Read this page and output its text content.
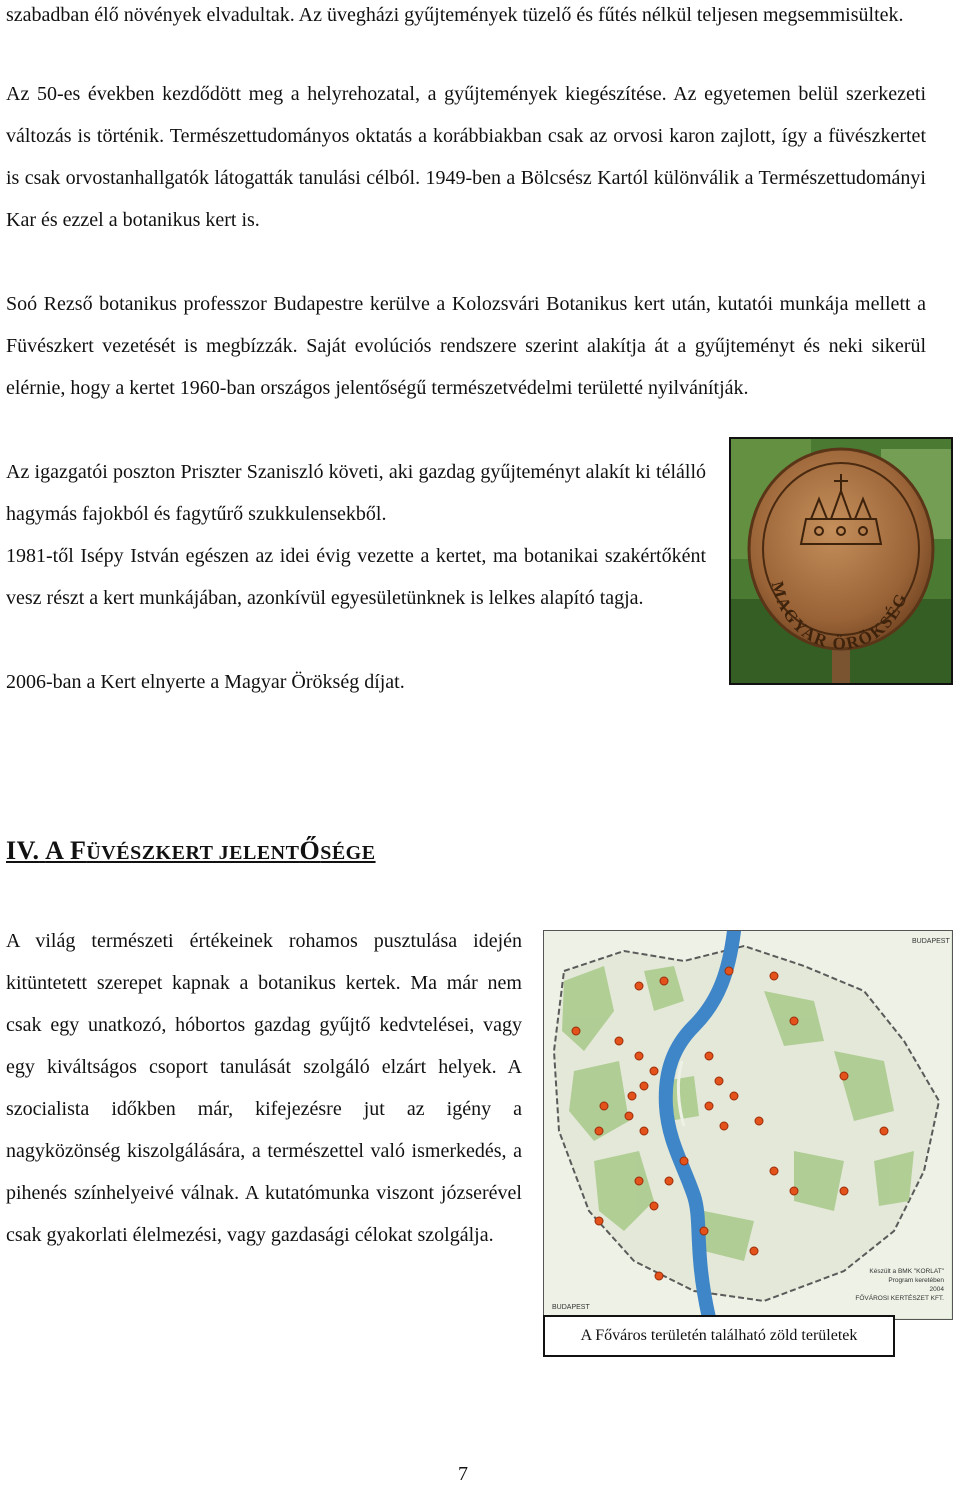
szabadban élő növények elvadultak. Az üvegházi gyűjtemények tüzelő és fűtés nélkül teljesen megsemmisültek.

Az 50-es években kezdődött meg a helyrehozatal, a gyűjtemények kiegészítése. Az egyetemen belül szerkezeti változás is történik. Természettudományos oktatás a korábbiakban csak az orvosi karon zajlott, így a füvészkertet is csak orvostanhallgatók látogatták tanulási célból. 1949-ben a Bölcsész Kartól különválik a Természettudományi Kar és ezzel a botanikus kert is.

Soó Rezső botanikus professzor Budapestre kerülve a Kolozsvári Botanikus kert után, kutatói munkája mellett a Füvészkert vezetését is megbízzák. Saját evolúciós rendszere szerint alakítja át a gyűjteményt és neki sikerül elérnie, hogy a kertet 1960-ban országos jelentőségű természetvédelmi területté nyilvánítják.

Az igazgatói poszton Priszter Szaniszló követi, aki gazdag gyűjteményt alakít ki télálló hagymás fajokból és fagytűrő szukkulensekből.

1981-től Isépy István egészen az idei évig vezette a kertet, ma botanikai szakértőként vesz részt a kert munkájában, azonkívül egyesületünknek is lelkes alapító tagja.

2006-ban a Kert elnyerte a Magyar Örökség díjat.

MAGYAR ÖRÖKSÉG
IV. A FÜVÉSZKERT JELENTŐSÉGE

A világ természeti értékeinek rohamos pusztulása idején kitüntetett szerepet kapnak a botanikus kertek. Ma már nem csak egy unatkozó, hóbortos gazdag gyűjtő kedvtelései, vagy egy kiváltságos csoport tanulását szolgáló elzárt helyek. A szocialista időkben már, kifejezésre jut az igény a nagyközönség kiszolgálására, a természettel való ismerkedés, a pihenés színhelyeivé válnak. A kutatómunka viszont józserével csak gyakorlati élelmezési, vagy gazdasági célokat szolgálja.

BUDAPEST
BUDAPEST
Készült a BMK "KORLAT"
Program keretében
2004
FŐVÁROSI KERTÉSZET KFT.
A Főváros területén található zöld területek
7
